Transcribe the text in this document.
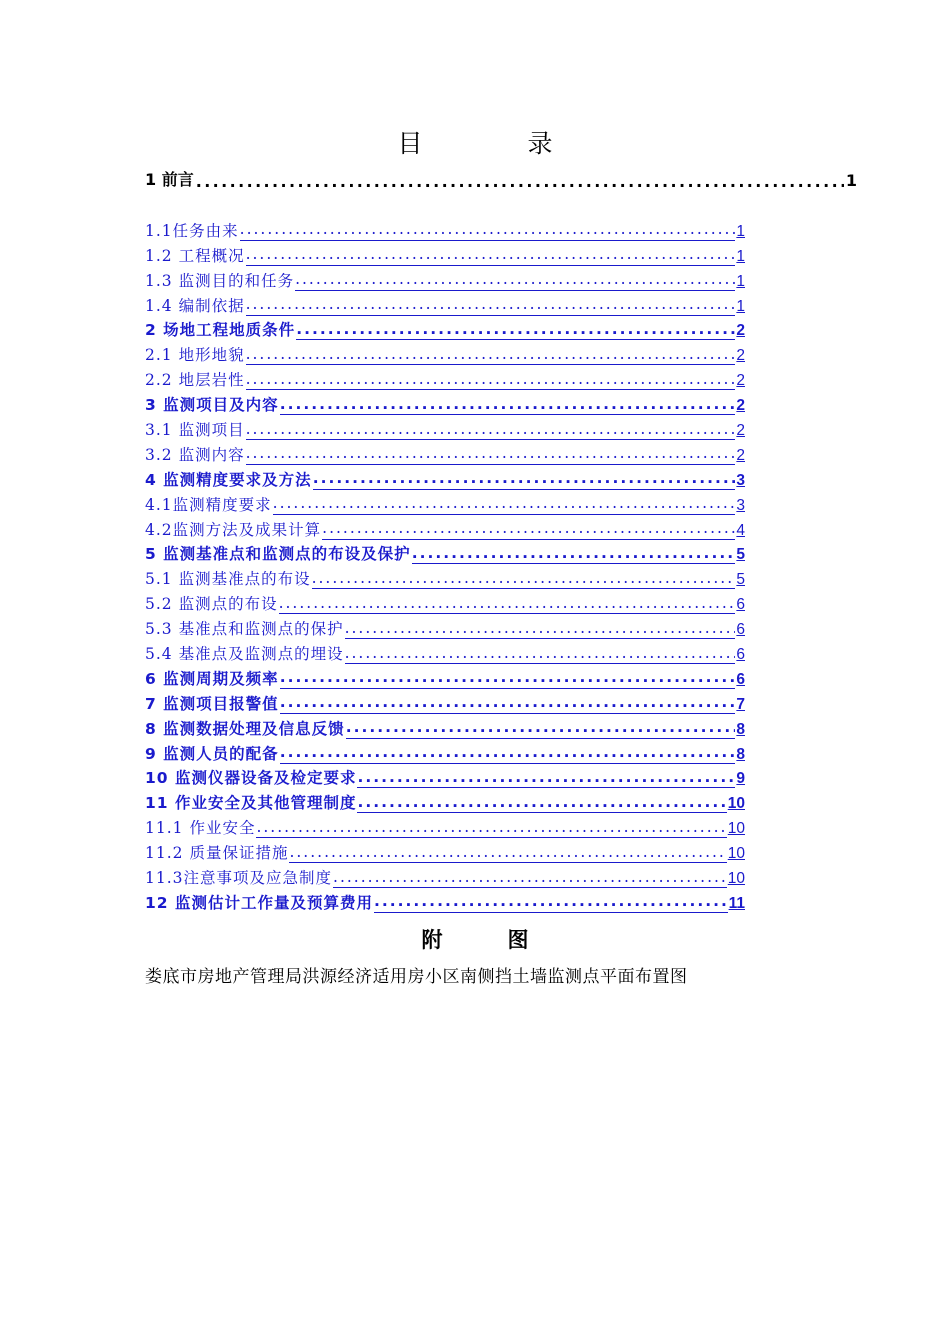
目　录
1 前言 .....	1
1.1任务由来 .....	1
1.2 工程概况 .....	1
1.3 监测目的和任务 .....	1
1.4 编制依据 .....	1
2 场地工程地质条件 .....	2
2.1 地形地貌 .....	2
2.2 地层岩性 .....	2
3 监测项目及内容 .....	2
3.1 监测项目 .....	2
3.2 监测内容 .....	2
4 监测精度要求及方法 .....	3
4.1监测精度要求 .....	3
4.2监测方法及成果计算 .....	4
5 监测基准点和监测点的布设及保护 .....	5
5.1 监测基准点的布设 .....	5
5.2 监测点的布设 .....	6
5.3 基准点和监测点的保护 .....	6
5.4 基准点及监测点的埋设 .....	6
6 监测周期及频率 .....	6
7 监测项目报警值 .....	7
8 监测数据处理及信息反馈 .....	8
9 监测人员的配备 .....	8
10 监测仪器设备及检定要求 .....	9
11 作业安全及其他管理制度 .....	10
11.1 作业安全 .....	10
11.2 质量保证措施 .....	10
11.3注意事项及应急制度 .....	10
12 监测估计工作量及预算费用 .....	11
附　图
娄底市房地产管理局洪源经济适用房小区南侧挡土墙监测点平面布置图
